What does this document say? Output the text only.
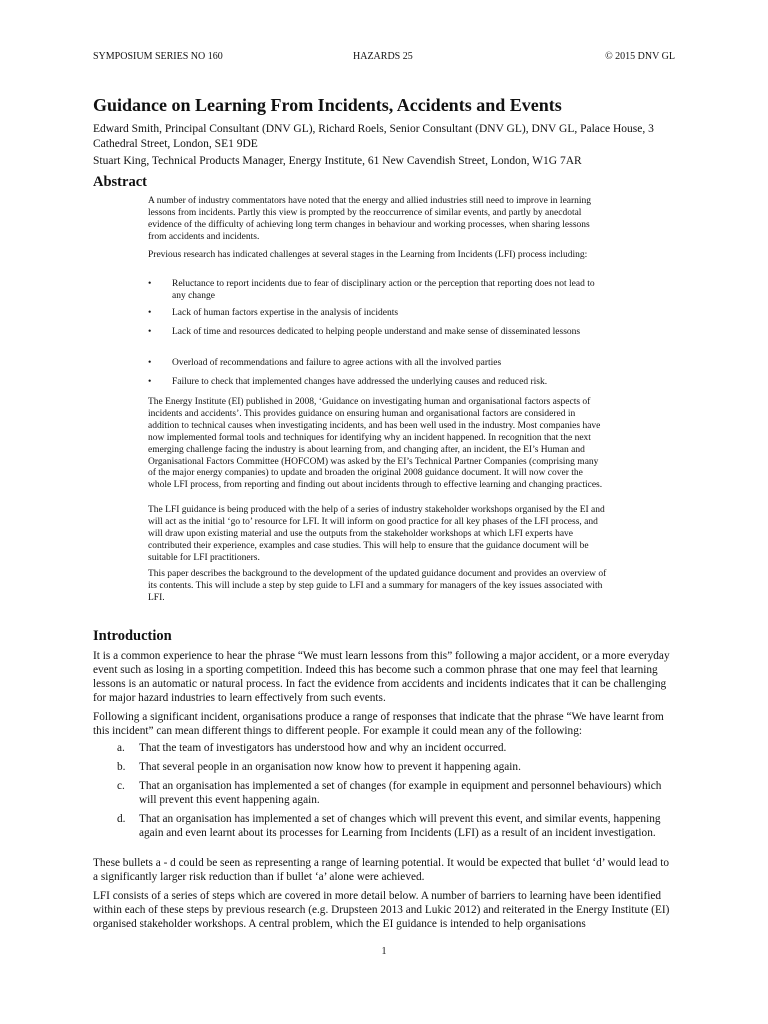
SYMPOSIUM SERIES NO 160	HAZARDS 25	© 2015 DNV GL
Guidance on Learning From Incidents, Accidents and Events
Edward Smith, Principal Consultant (DNV GL), Richard Roels, Senior Consultant (DNV GL), DNV GL, Palace House, 3 Cathedral Street, London, SE1 9DE
Stuart King, Technical Products Manager, Energy Institute, 61 New Cavendish Street, London, W1G 7AR
Abstract

A number of industry commentators have noted that the energy and allied industries still need to improve in learning lessons from incidents. Partly this view is prompted by the reoccurrence of similar events, and partly by anecdotal evidence of the difficulty of achieving long term changes in behaviour and working processes, when sharing lessons from accidents and incidents.

Previous research has indicated challenges at several stages in the Learning from Incidents (LFI) process including:

•	Reluctance to report incidents due to fear of disciplinary action or the perception that reporting does not lead to any change
•	Lack of human factors expertise in the analysis of incidents
•	Lack of time and resources dedicated to helping people understand and make sense of disseminated lessons
•	Overload of recommendations and failure to agree actions with all the involved parties
•	Failure to check that implemented changes have addressed the underlying causes and reduced risk.

The Energy Institute (EI) published in 2008, ‘Guidance on investigating human and organisational factors aspects of incidents and accidents’. This provides guidance on ensuring human and organisational factors are considered in addition to technical causes when investigating incidents, and has been well used in the industry. Most companies have now implemented formal tools and techniques for identifying why an incident happened. In recognition that the next emerging challenge facing the industry is about learning from, and changing after, an incident, the EI’s Human and Organisational Factors Committee (HOFCOM) was asked by the EI’s Technical Partner Companies (comprising many of the major energy companies) to update and broaden the original 2008 guidance document. It will now cover the whole LFI process, from reporting and finding out about incidents through to effective learning and changing practices.

The LFI guidance is being produced with the help of a series of industry stakeholder workshops organised by the EI and will act as the initial ‘go to’ resource for LFI. It will inform on good practice for all key phases of the LFI process, and will draw upon existing material and use the outputs from the stakeholder workshops at which LFI experts have contributed their experience, examples and case studies. This will help to ensure that the guidance document will be suitable for LFI practitioners.

This paper describes the background to the development of the updated guidance document and provides an overview of its contents. This will include a step by step guide to LFI and a summary for managers of the key issues associated with LFI.

Introduction

It is a common experience to hear the phrase “We must learn lessons from this” following a major accident, or a more everyday event such as losing in a sporting competition. Indeed this has become such a common phrase that one may feel that learning lessons is an automatic or natural process. In fact the evidence from accidents and incidents indicates that it can be challenging for major hazard industries to learn effectively from such events.

Following a significant incident, organisations produce a range of responses that indicate that the phrase “We have learnt from this incident” can mean different things to different people. For example it could mean any of the following:

a.	That the team of investigators has understood how and why an incident occurred.
b.	That several people in an organisation now know how to prevent it happening again.
c.	That an organisation has implemented a set of changes (for example in equipment and personnel behaviours) which will prevent this event happening again.
d.	That an organisation has implemented a set of changes which will prevent this event, and similar events, happening again and even learnt about its processes for Learning from Incidents (LFI) as a result of an incident investigation.

These bullets a - d could be seen as representing a range of learning potential. It would be expected that bullet ‘d’ would lead to a significantly larger risk reduction than if bullet ‘a’ alone were achieved.

LFI consists of a series of steps which are covered in more detail below. A number of barriers to learning have been identified within each of these steps by previous research (e.g. Drupsteen 2013 and Lukic 2012) and reiterated in the Energy Institute (EI) organised stakeholder workshops. A central problem, which the EI guidance is intended to help organisations

1
